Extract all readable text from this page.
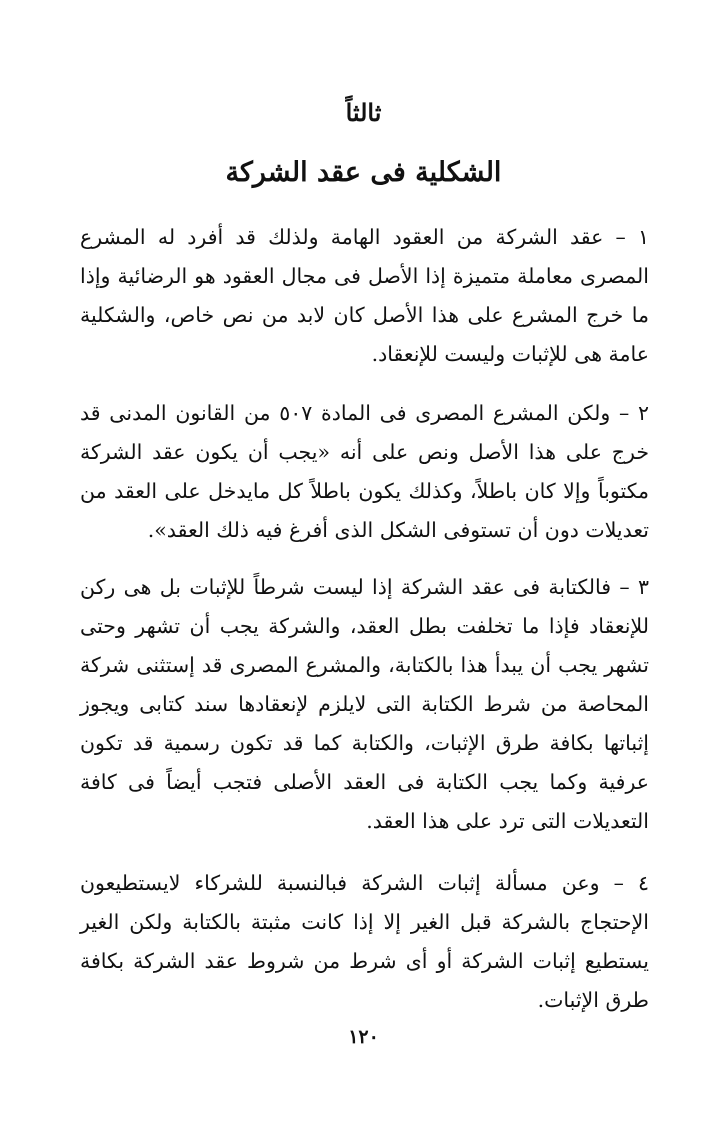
ثالثاً
الشكلية فى عقد الشركة

١ – عقد الشركة من العقود الهامة ولذلك قد أفرد له المشرع المصرى معاملة متميزة إذا الأصل فى مجال العقود هو الرضائية وإذا ما خرج المشرع على هذا الأصل كان لابد من نص خاص، والشكلية عامة هى للإثبات وليست للإنعقاد.

٢ – ولكن المشرع المصرى فى المادة ٥٠٧ من القانون المدنى قد خرج على هذا الأصل ونص على أنه «يجب أن يكون عقد الشركة مكتوباً وإلا كان باطلاً، وكذلك يكون باطلاً كل مايدخل على العقد من تعديلات دون أن تستوفى الشكل الذى أفرغ فيه ذلك العقد».

٣ – فالكتابة فى عقد الشركة إذا ليست شرطاً للإثبات بل هى ركن للإنعقاد فإذا ما تخلفت بطل العقد، والشركة يجب أن تشهر وحتى تشهر يجب أن يبدأ هذا بالكتابة، والمشرع المصرى قد إستثنى شركة المحاصة من شرط الكتابة التى لايلزم لإنعقادها سند كتابى ويجوز إثباتها بكافة طرق الإثبات، والكتابة كما قد تكون رسمية قد تكون عرفية وكما يجب الكتابة فى العقد الأصلى فتجب أيضاً فى كافة التعديلات التى ترد على هذا العقد.

٤ – وعن مسألة إثبات الشركة فبالنسبة للشركاء لايستطيعون الإحتجاج بالشركة قبل الغير إلا إذا كانت مثبتة بالكتابة ولكن الغير يستطيع إثبات الشركة أو أى شرط من شروط عقد الشركة بكافة طرق الإثبات.

١٢٠
